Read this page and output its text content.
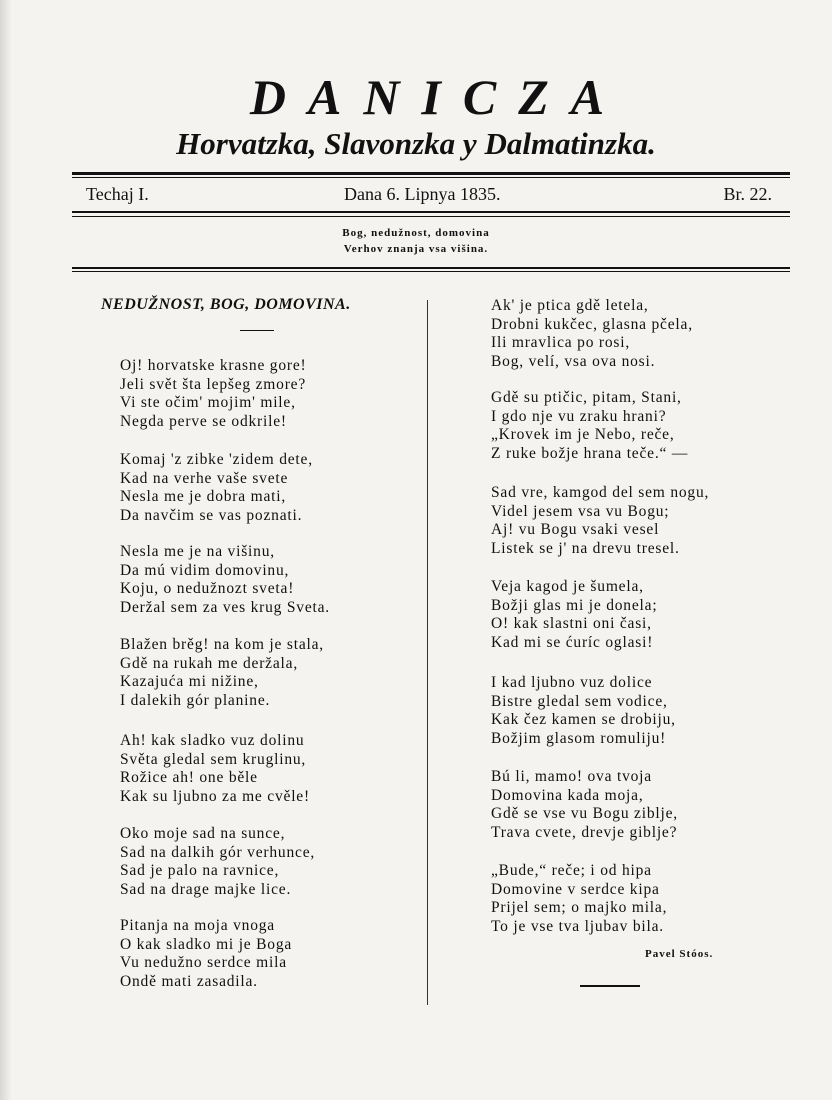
DANICZA
Horvatzka, Slavonzka y Dalmatinzka.
Techaj I.	Dana 6. Lipnya 1835.	Br. 22.
Bog, nedužnost, domovina
Verhov znanja vsa višina.
NEDUŽNOST, BOG, DOMOVINA.
Oj! horvatske krasne gore!
Jeli svět šta lepšeg zmore?
Vi ste očim' mojim' mile,
Negda perve se odkrile!
Komaj 'z zibke 'zidem dete,
Kad na verhe vaše svete
Nesla me je dobra mati,
Da navčim se vas poznati.
Nesla me je na višinu,
Da mú vidim domovinu,
Koju, o nedužnozt sveta!
Deržal sem za ves krug Sveta.
Blažen brěg! na kom je stala,
Gdě na rukah me deržala,
Kazajuća mi nižine,
I dalekih gór planine.
Ah! kak sladko vuz dolinu
Světa gledal sem kruglinu,
Rožice ah! one běle
Kak su ljubno za me cvěle!
Oko moje sad na sunce,
Sad na dalkih gór verhunce,
Sad je palo na ravnice,
Sad na drage majke lice.
Pitanja na moja vnoga
O kak sladko mi je Boga
Vu nedužno serdce mila
Ondě mati zasadila.
Ak' je ptica gdě letela,
Drobni kukčec, glasna pčela,
Ili mravlica po rosi,
Bog, velí, vsa ova nosi.
Gdě su ptičic, pitam, Stani,
I gdo nje vu zraku hrani?
„Krovek im je Nebo, reče,
Z ruke božje hrana teče.“ —
Sad vre, kamgod del sem nogu,
Videl jesem vsa vu Bogu;
Aj! vu Bogu vsaki vesel
Listek se j' na drevu tresel.
Veja kagod je šumela,
Božji glas mi je donela;
O! kak slastni oni časi,
Kad mi se ćuríc oglasi!
I kad ljubno vuz dolice
Bistre gledal sem vodice,
Kak čez kamen se drobiju,
Božjim glasom romuliju!
Bú li, mamo! ova tvoja
Domovina kada moja,
Gdě se vse vu Bogu ziblje,
Trava cvete, drevje giblje?
„Bude,“ reče; i od hipa
Domovine v serdce kipa
Prijel sem; o majko mila,
To je vse tva ljubav bila.
Pavel Stóos.
